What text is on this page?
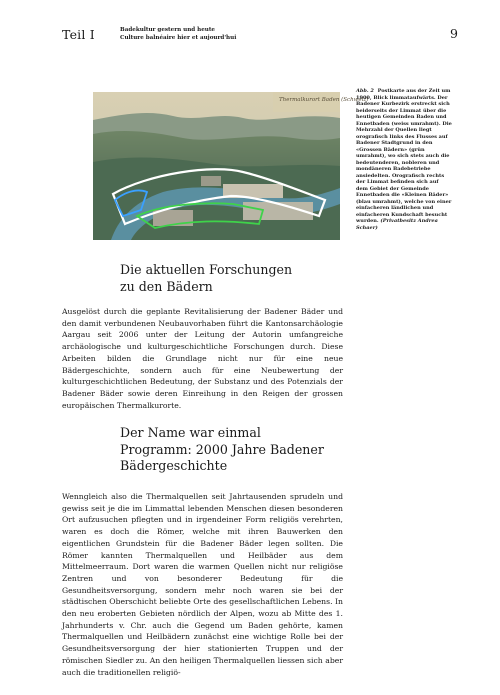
Teil I	Badekultur gestern und heute
Culture balnéaire hier et aujourd'hui	9
Thermalkurort Baden (Schweiz)
Abb. 2 Postkarte aus der Zeit um 1900, Blick limmataufwärts. Der Badener Kurbezirk erstreckt sich beiderseits der Limmat über die heutigen Gemeinden Baden und Ennetbaden (weiss umrahmt). Die Mehrzahl der Quellen liegt orografisch links des Flusses auf Badener Stadtgrund in den «Grossen Bädern» (grün umrahmt), wo sich stets auch die bedeutenderen, nobleren und mondäneren Badebetriebe ansiedelten. Orografisch rechts der Limmat befinden sich auf dem Gebiet der Gemeinde Ennetbaden die «Kleinen Bäder» (blau umrahmt), welche von einer einfacheren ländlichen und einfacheren Kundschaft besucht wurden. (Privatbesitz Andrea Schaer)
Die aktuellen Forschungen
zu den Bädern

Ausgelöst durch die geplante Revitalisierung der Badener Bäder und den damit verbundenen Neubauvorhaben führt die Kantonsarchäologie Aargau seit 2006 unter der Leitung der Autorin umfangreiche archäologische und kulturgeschichtliche Forschungen durch. Diese Arbeiten bilden die Grundlage nicht nur für eine neue Bädergeschichte, sondern auch für eine Neubewertung der kulturgeschichtlichen Bedeutung, der Substanz und des Potenzials der Badener Bäder sowie deren Einreihung in den Reigen der grossen europäischen Thermalkurorte.

Der Name war einmal
Programm: 2000 Jahre Badener
Bädergeschichte

Wenngleich also die Thermalquellen seit Jahrtausenden sprudeln und gewiss seit je die im Limmattal lebenden Menschen diesen besonderen Ort aufzusuchen pflegten und in irgendeiner Form religiös verehrten, waren es doch die Römer, welche mit ihren Bauwerken den eigentlichen Grundstein für die Badener Bäder legen sollten. Die Römer kannten Thermalquellen und Heilbäder aus dem Mittelmeerraum. Dort waren die warmen Quellen nicht nur religiöse Zentren und von besonderer Bedeutung für die Gesundheitsversorgung, sondern mehr noch waren sie bei der städtischen Oberschicht beliebte Orte des gesellschaftlichen Lebens. In den neu eroberten Gebieten nördlich der Alpen, wozu ab Mitte des 1. Jahrhunderts v. Chr. auch die Gegend um Baden gehörte, kamen Thermalquellen und Heilbädern zunächst eine wichtige Rolle bei der Gesundheitsversorgung der hier stationierten Truppen und der römischen Siedler zu. An den heiligen Thermalquellen liessen sich aber auch die traditionellen religiö-
